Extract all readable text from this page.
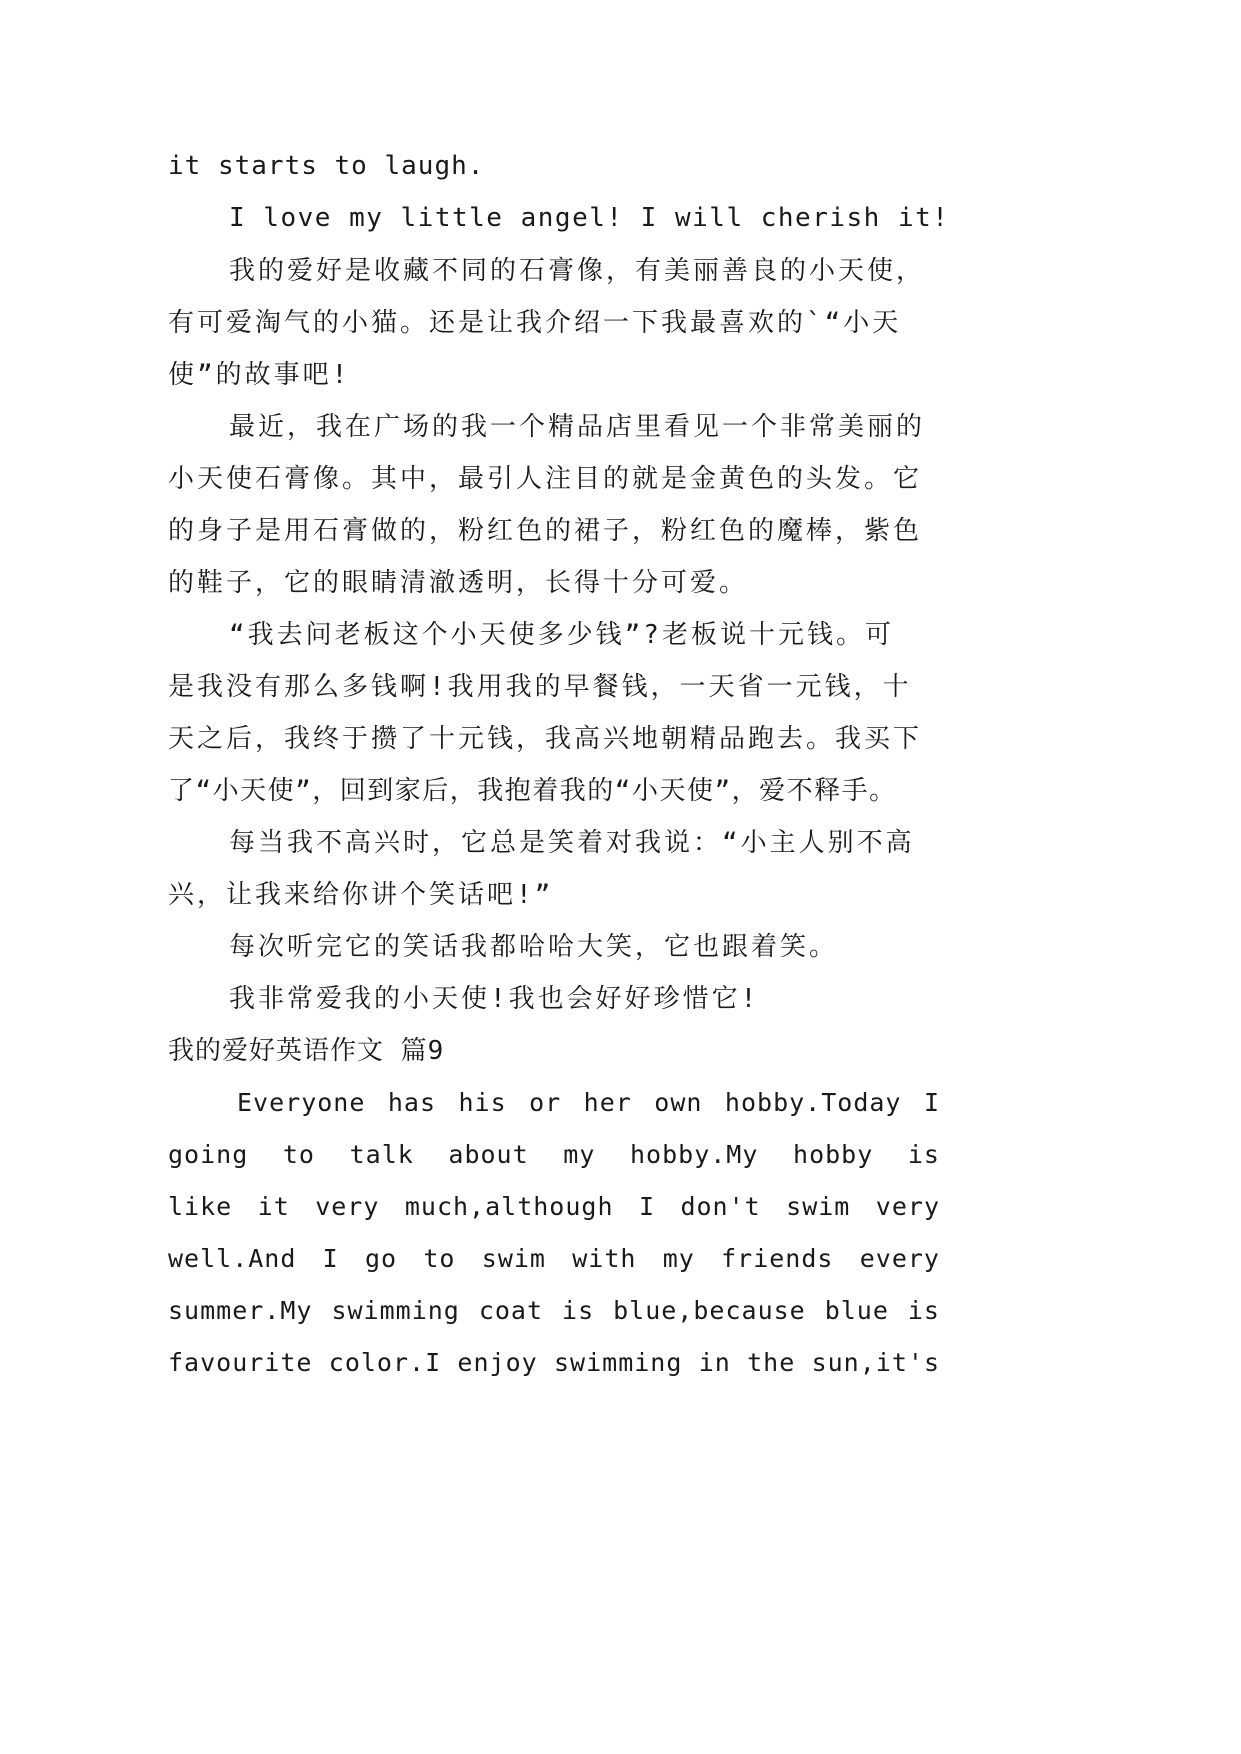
it starts to laugh.
I love my little angel! I will cherish it!
我的爱好是收藏不同的石膏像，有美丽善良的小天使，
有可爱淘气的小猫。还是让我介绍一下我最喜欢的`“小天
使”的故事吧!
最近，我在广场的我一个精品店里看见一个非常美丽的
小天使石膏像。其中，最引人注目的就是金黄色的头发。它
的身子是用石膏做的，粉红色的裙子，粉红色的魔棒，紫色
的鞋子，它的眼睛清澈透明，长得十分可爱。
“我去问老板这个小天使多少钱”?老板说十元钱。可
是我没有那么多钱啊!我用我的早餐钱，一天省一元钱，十
天之后，我终于攒了十元钱，我高兴地朝精品跑去。我买下
了“小天使”，回到家后，我抱着我的“小天使”，爱不释手。
每当我不高兴时，它总是笑着对我说：“小主人别不高
兴，让我来给你讲个笑话吧!”
每次听完它的笑话我都哈哈大笑，它也跟着笑。
我非常爱我的小天使!我也会好好珍惜它!
我的爱好英语作文 篇9
Everyone has his or her own hobby.Today I
going to talk about my hobby.My hobby is
like it very much,although I don't swim very
well.And I go to swim with my friends every
summer.My swimming coat is blue,because blue is
favourite color.I enjoy swimming in the sun,it's
